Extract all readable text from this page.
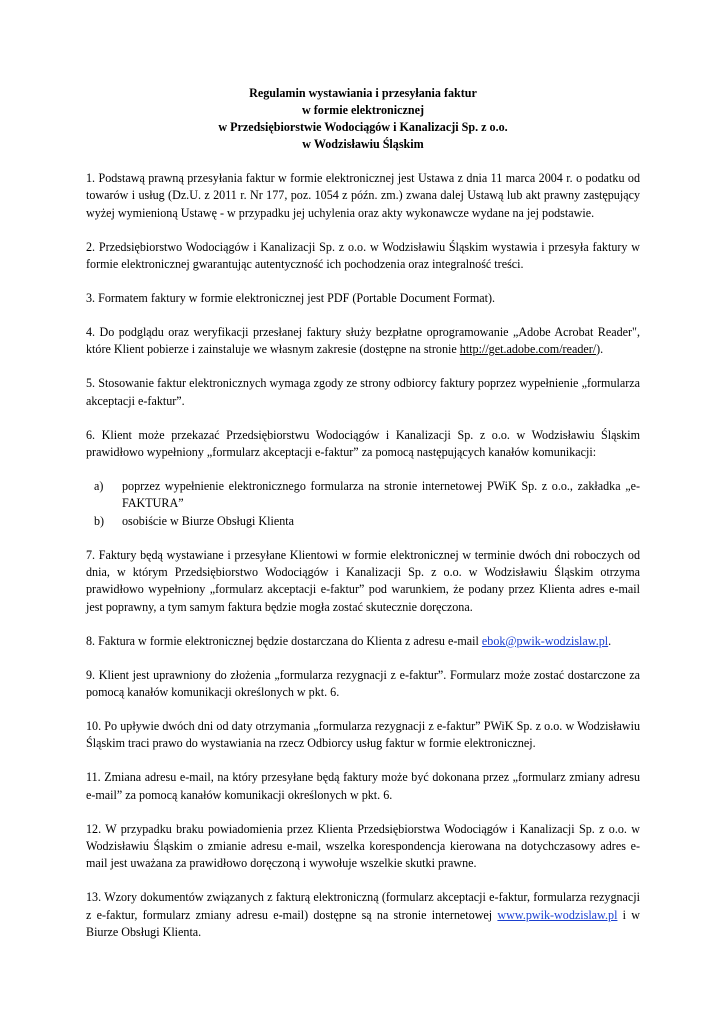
Regulamin wystawiania i przesyłania faktur
w formie elektronicznej
w Przedsiębiorstwie Wodociągów i Kanalizacji Sp. z o.o.
w Wodzisławiu Śląskim

1. Podstawą prawną przesyłania faktur w formie elektronicznej jest Ustawa z dnia 11 marca 2004 r. o podatku od towarów i usług (Dz.U. z 2011 r. Nr 177, poz. 1054 z późn. zm.) zwana dalej Ustawą lub akt prawny zastępujący wyżej wymienioną Ustawę - w przypadku jej uchylenia oraz akty wykonawcze wydane na jej podstawie.

2. Przedsiębiorstwo Wodociągów i Kanalizacji Sp. z o.o. w Wodzisławiu Śląskim wystawia i przesyła faktury w formie elektronicznej gwarantując autentyczność ich pochodzenia oraz integralność treści.

3. Formatem faktury w formie elektronicznej jest PDF (Portable Document Format).

4. Do podglądu oraz weryfikacji przesłanej faktury służy bezpłatne oprogramowanie „Adobe Acrobat Reader", które Klient pobierze i zainstaluje we własnym zakresie (dostępne na stronie http://get.adobe.com/reader/).

5. Stosowanie faktur elektronicznych wymaga zgody ze strony odbiorcy faktury poprzez wypełnienie „formularza akceptacji e-faktur”.

6. Klient może przekazać Przedsiębiorstwu Wodociągów i Kanalizacji Sp. z o.o. w Wodzisławiu Śląskim prawidłowo wypełniony „formularz akceptacji e-faktur” za pomocą następujących kanałów komunikacji:

a) poprzez wypełnienie elektronicznego formularza na stronie internetowej PWiK Sp. z o.o., zakładka „e-FAKTURA”
b) osobiście w Biurze Obsługi Klienta

7. Faktury będą wystawiane i przesyłane Klientowi w formie elektronicznej w terminie dwóch dni roboczych od dnia, w którym Przedsiębiorstwo Wodociągów i Kanalizacji Sp. z o.o. w Wodzisławiu Śląskim otrzyma prawidłowo wypełniony „formularz akceptacji e-faktur” pod warunkiem, że podany przez Klienta adres e-mail jest poprawny, a tym samym faktura będzie mogła zostać skutecznie doręczona.

8. Faktura w formie elektronicznej będzie dostarczana do Klienta z adresu e-mail ebok@pwik-wodzislaw.pl.

9. Klient jest uprawniony do złożenia „formularza rezygnacji z e-faktur”. Formularz może zostać dostarczone za pomocą kanałów komunikacji określonych w pkt. 6.

10. Po upływie dwóch dni od daty otrzymania „formularza rezygnacji z e-faktur” PWiK Sp. z o.o. w Wodzisławiu Śląskim traci prawo do wystawiania na rzecz Odbiorcy usług faktur w formie elektronicznej.

11. Zmiana adresu e-mail, na który przesyłane będą faktury może być dokonana przez „formularz zmiany adresu e-mail” za pomocą kanałów komunikacji określonych w pkt. 6.

12. W przypadku braku powiadomienia przez Klienta Przedsiębiorstwa Wodociągów i Kanalizacji Sp. z o.o. w Wodzisławiu Śląskim o zmianie adresu e-mail, wszelka korespondencja kierowana na dotychczasowy adres e-mail jest uważana za prawidłowo doręczoną i wywołuje wszelkie skutki prawne.

13. Wzory dokumentów związanych z fakturą elektroniczną (formularz akceptacji e-faktur, formularza rezygnacji z e-faktur, formularz zmiany adresu e-mail) dostępne są na stronie internetowej www.pwik-wodzislaw.pl i w Biurze Obsługi Klienta.
